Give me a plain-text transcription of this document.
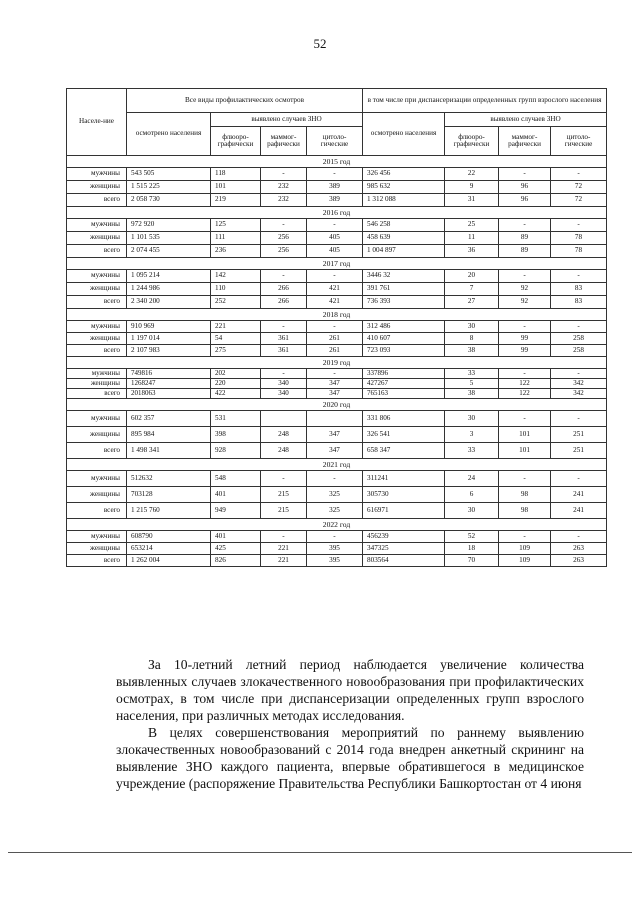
52
Населе-ние	Все виды профилактических осмотров				в том числе при диспансеризации определенных групп взрослого населения			
	осмотрено населения	выявлено случаев ЗНО			осмотрено населения	выявлено случаев ЗНО		
		флюоро-графически	маммог-рафически	цитоло-гические		флюоро-графически	маммог-рафически	цитоло-гические
2015 год								
мужчины	543 505	118	-	-	326 456	22	-	-
женщины	1 515 225	101	232	389	985 632	9	96	72
всего	2 058 730	219	232	389	1 312 088	31	96	72
2016 год								
мужчины	972 920	125	-	-	546 258	25	-	-
женщины	1 101 535	111	256	405	458 639	11	89	78
всего	2 074 455	236	256	405	1 004 897	36	89	78
2017 год								
мужчины	1 095 214	142	-	-	3446 32	20	-	-
женщины	1 244 986	110	266	421	391 761	7	92	83
всего	2 340 200	252	266	421	736 393	27	92	83
2018 год								
мужчины	910 969	221	-	-	312 486	30	-	-
женщины	1 197 014	54	361	261	410 607	8	99	258
всего	2 107 983	275	361	261	723 093	38	99	258
2019 год								
мужчины	749816	202	-	-	337896	33	-	-
женщины	1268247	220	340	347	427267	5	122	342
всего	2018063	422	340	347	765163	38	122	342
2020 год								
мужчины	602 357	531			331 806	30	-	-
женщины	895 984	398	248	347	326 541	3	101	251
всего	1 498 341	928	248	347	658 347	33	101	251
2021 год								
мужчины	512632	548	-	-	311241	24	-	-
женщины	703128	401	215	325	305730	6	98	241
всего	1 215 760	949	215	325	616971	30	98	241
2022 год								
мужчины	608790	401	-	-	456239	52	-	-
женщины	653214	425	221	395	347325	18	109	263
всего	1 262 004	826	221	395	803564	70	109	263

За 10-летний летний период наблюдается увеличение количества выявленных случаев злокачественного новообразования при профилактических осмотрах, в том числе при диспансеризации определенных групп взрослого населения, при различных методах исследования.

В целях совершенствования мероприятий по раннему выявлению злокачественных новообразований с 2014 года внедрен анкетный скрининг на выявление ЗНО каждого пациента, впервые обратившегося в медицинское учреждение (распоряжение Правительства Республики Башкортостан от 4 июня
